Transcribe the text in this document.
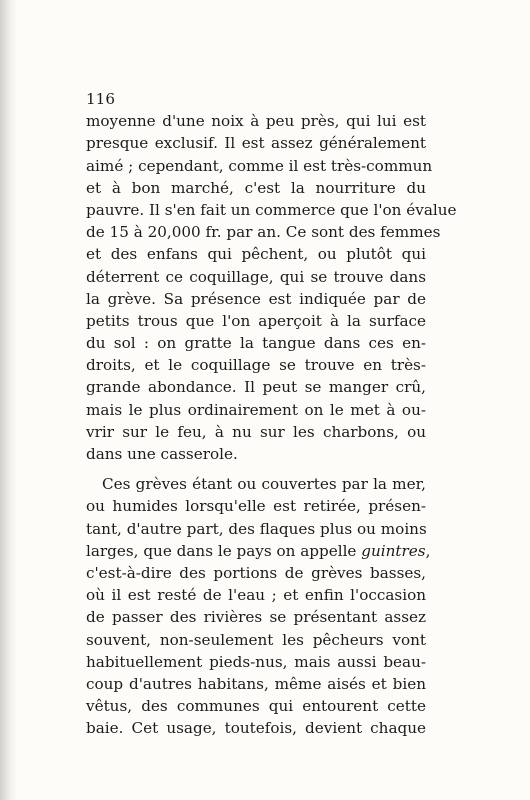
116
moyenne d'une noix à peu près, qui lui est
presque exclusif. Il est assez généralement
aimé ; cependant, comme il est très-commun
et à bon marché, c'est la nourriture du
pauvre. Il s'en fait un commerce que l'on évalue
de 15 à 20,000 fr. par an. Ce sont des femmes
et des enfans qui pêchent, ou plutôt qui
déterrent ce coquillage, qui se trouve dans
la grève. Sa présence est indiquée par de
petits trous que l'on aperçoit à la surface
du sol : on gratte la tangue dans ces en-
droits, et le coquillage se trouve en très-
grande abondance. Il peut se manger crû,
mais le plus ordinairement on le met à ou-
vrir sur le feu, à nu sur les charbons, ou
dans une casserole.
Ces grèves étant ou couvertes par la mer,
ou humides lorsqu'elle est retirée, présen-
tant, d'autre part, des flaques plus ou moins
larges, que dans le pays on appelle guintres,
c'est-à-dire des portions de grèves basses,
où il est resté de l'eau ; et enfin l'occasion
de passer des rivières se présentant assez
souvent, non-seulement les pêcheurs vont
habituellement pieds-nus, mais aussi beau-
coup d'autres habitans, même aisés et bien
vêtus, des communes qui entourent cette
baie. Cet usage, toutefois, devient chaque
